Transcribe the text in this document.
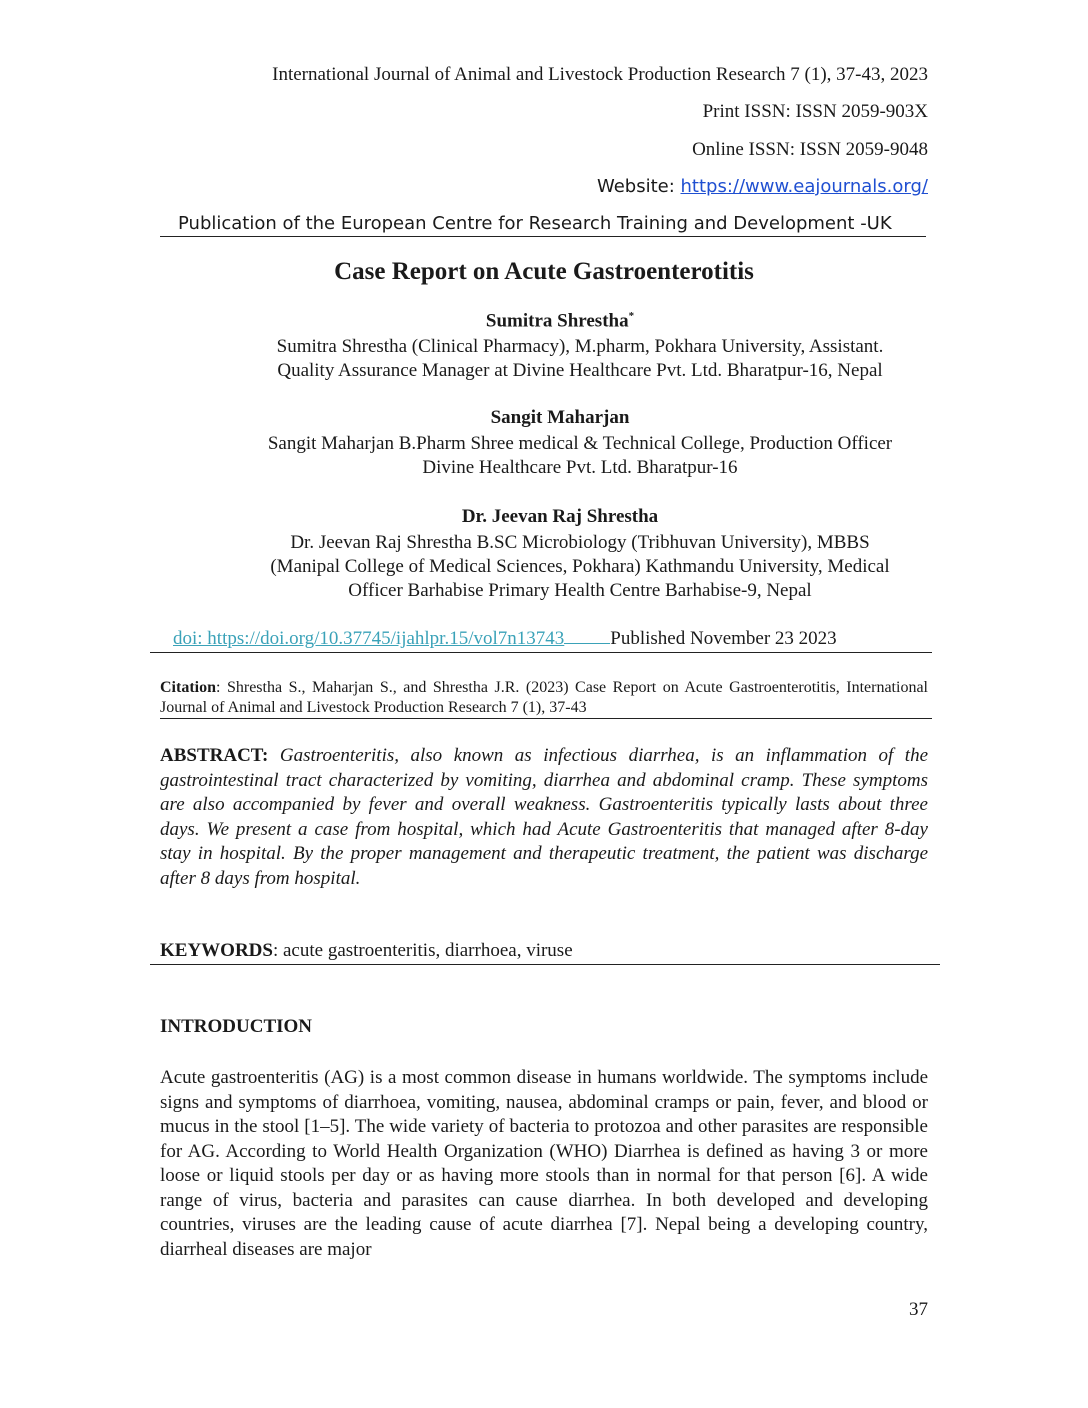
International Journal of Animal and Livestock Production Research 7 (1), 37-43, 2023
Print ISSN: ISSN 2059-903X
Online ISSN: ISSN 2059-9048
Website: https://www.eajournals.org/
Publication of the European Centre for Research Training and Development -UK
Case Report on Acute Gastroenterotitis
Sumitra Shrestha*
Sumitra Shrestha (Clinical Pharmacy), M.pharm, Pokhara University, Assistant.
Quality Assurance Manager at Divine Healthcare Pvt. Ltd. Bharatpur-16, Nepal
Sangit Maharjan
Sangit Maharjan B.Pharm Shree medical & Technical College, Production Officer
Divine Healthcare Pvt. Ltd. Bharatpur-16
Dr. Jeevan Raj Shrestha
Dr. Jeevan Raj Shrestha B.SC Microbiology (Tribhuvan University), MBBS
(Manipal College of Medical Sciences, Pokhara) Kathmandu University, Medical
Officer Barhabise Primary Health Centre Barhabise-9, Nepal
doi: https://doi.org/10.37745/ijahlpr.15/vol7n13743 Published November 23 2023
Citation: Shrestha S., Maharjan S., and Shrestha J.R. (2023) Case Report on Acute Gastroenterotitis, International Journal of Animal and Livestock Production Research 7 (1), 37-43
ABSTRACT: Gastroenteritis, also known as infectious diarrhea, is an inflammation of the gastrointestinal tract characterized by vomiting, diarrhea and abdominal cramp. These symptoms are also accompanied by fever and overall weakness. Gastroenteritis typically lasts about three days. We present a case from hospital, which had Acute Gastroenteritis that managed after 8-day stay in hospital. By the proper management and therapeutic treatment, the patient was discharge after 8 days from hospital.
KEYWORDS: acute gastroenteritis, diarrhoea, viruse
INTRODUCTION
Acute gastroenteritis (AG) is a most common disease in humans worldwide. The symptoms include signs and symptoms of diarrhoea, vomiting, nausea, abdominal cramps or pain, fever, and blood or mucus in the stool [1–5]. The wide variety of bacteria to protozoa and other parasites are responsible for AG. According to World Health Organization (WHO) Diarrhea is defined as having 3 or more loose or liquid stools per day or as having more stools than in normal for that person [6]. A wide range of virus, bacteria and parasites can cause diarrhea. In both developed and developing countries, viruses are the leading cause of acute diarrhea [7]. Nepal being a developing country, diarrheal diseases are major
37
